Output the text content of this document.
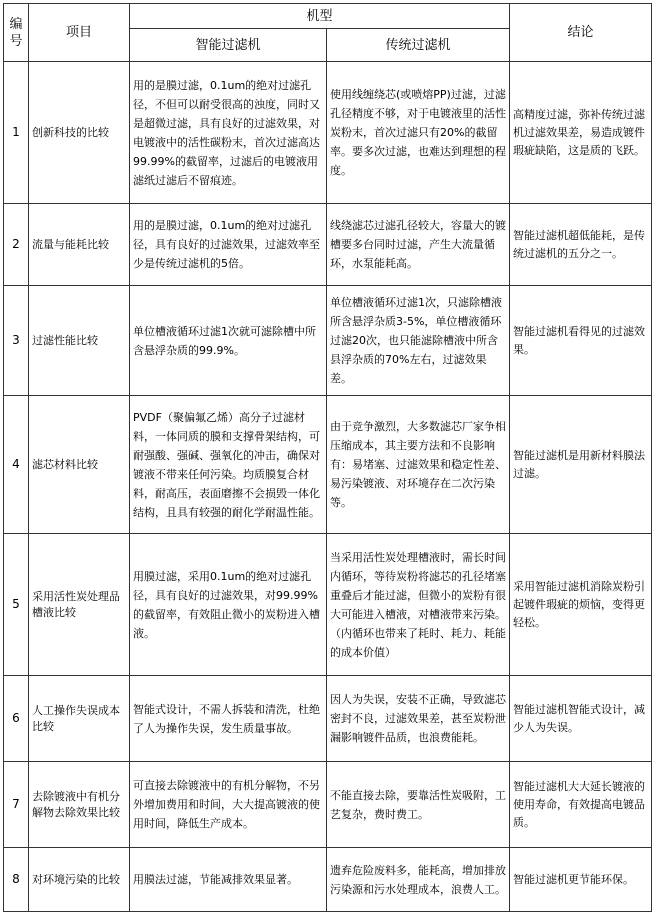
编号	项目	机型		结论
		智能过滤机	传统过滤机	
1	创新科技的比较	用的是膜过滤，0.1um的绝对过滤孔径，不但可以耐受很高的浊度，同时又是超微过滤，具有良好的过滤效果，对电镀液中的活性碳粉末，首次过滤高达99.99%的截留率，过滤后的电镀液用滤纸过滤后不留痕迹。	使用线缠绕芯(或喷熔PP)过滤，过滤孔径精度不够，对于电镀液里的活性炭粉末，首次过滤只有20%的截留率。要多次过滤，也难达到理想的程度。	高精度过滤，弥补传统过滤机过滤效果差，易造成镀件瑕疵缺陷，这是质的飞跃。
2	流量与能耗比较	用的是膜过滤，0.1um的绝对过滤孔径，具有良好的过滤效果，过滤效率至少是传统过滤机的5倍。	线绕滤芯过滤孔径较大，容量大的镀槽要多台同时过滤，产生大流量循环，水泵能耗高。	智能过滤机超低能耗，是传统过滤机的五分之一。
3	过滤性能比较	单位槽液循环过滤1次就可滤除槽中所含悬浮杂质的99.9%。	单位槽液循环过滤1次，只滤除槽液所含悬浮杂质3-5%，单位槽液循环过滤20次，也只能滤除槽液中所含县浮杂质的70%左右，过滤效果差。	智能过滤机看得见的过滤效果。
4	滤芯材料比较	PVDF（聚偏氟乙烯）高分子过滤材料，一体同质的膜和支撑骨架结构，可耐强酸、强碱、强氧化的冲击，确保对镀液不带来任何污染。均质膜复合材料，耐高压，表面磨擦不会损毁一体化结构，且具有较强的耐化学耐温性能。	由于竞争激烈，大多数滤芯厂家争相压缩成本，其主要方法和不良影响有：易堵塞、过滤效果和稳定性差、易污染镀液、对环境存在二次污染等。	智能过滤机是用新材料膜法过滤。
5	采用活性炭处理品槽液比较	用膜过滤，采用0.1um的绝对过滤孔径，具有良好的过滤效果，对99.99%的截留率，有效阻止微小的炭粉进入槽液。	当采用活性炭处理槽液时，需长时间内循环，等待炭粉将滤芯的孔径堵塞重叠后才能过滤，但微小的炭粉有很大可能进入槽液，对槽液带来污染。（内循环也带来了耗时、耗力、耗能的成本价值）	采用智能过滤机消除炭粉引起镀件瑕疵的烦恼，变得更轻松。
6	人工操作失误成本比较	智能式设计，不需人拆装和清洗，杜绝了人为操作失误，发生质量事故。	因人为失误，安装不正确，导致滤芯密封不良，过滤效果差，甚至炭粉泄漏影响镀件品质，也浪费能耗。	智能过滤机智能式设计，减少人为失误。
7	去除镀液中有机分解物去除效果比较	可直接去除镀液中的有机分解物，不另外增加费用和时间，大大提高镀液的使用时间，降低生产成本。	不能直接去除，要靠活性炭吸附，工艺复杂，费时费工。	智能过滤机大大延长镀液的使用寿命，有效提高电镀品质。
8	对环境污染的比较	用膜法过滤，节能减排效果显著。	遗弃危险废料多，能耗高，增加排放污染源和污水处理成本，浪费人工。	智能过滤机更节能环保。
